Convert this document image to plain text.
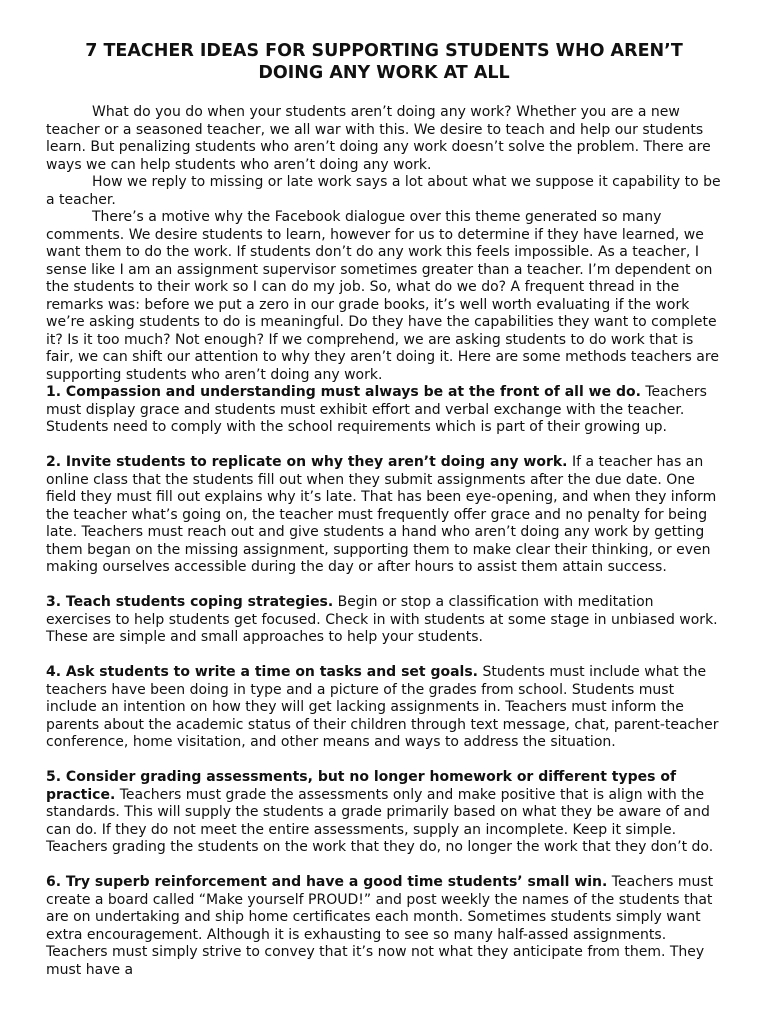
7 TEACHER IDEAS FOR SUPPORTING STUDENTS WHO AREN’T DOING ANY WORK AT ALL

What do you do when your students aren’t doing any work? Whether you are a new teacher or a seasoned teacher, we all war with this. We desire to teach and help our students learn. But penalizing students who aren’t doing any work doesn’t solve the problem. There are ways we can help students who aren’t doing any work.

How we reply to missing or late work says a lot about what we suppose it capability to be a teacher.

There’s a motive why the Facebook dialogue over this theme generated so many comments. We desire students to learn, however for us to determine if they have learned, we want them to do the work. If students don’t do any work this feels impossible. As a teacher, I sense like I am an assignment supervisor sometimes greater than a teacher. I’m dependent on the students to their work so I can do my job. So, what do we do? A frequent thread in the remarks was: before we put a zero in our grade books, it’s well worth evaluating if the work we’re asking students to do is meaningful. Do they have the capabilities they want to complete it? Is it too much? Not enough? If we comprehend, we are asking students to do work that is fair, we can shift our attention to why they aren’t doing it. Here are some methods teachers are supporting students who aren’t doing any work.

1. Compassion and understanding must always be at the front of all we do. Teachers must display grace and students must exhibit effort and verbal exchange with the teacher. Students need to comply with the school requirements which is part of their growing up.

2. Invite students to replicate on why they aren’t doing any work. If a teacher has an online class that the students fill out when they submit assignments after the due date. One field they must fill out explains why it’s late. That has been eye-opening, and when they inform the teacher what’s going on, the teacher must frequently offer grace and no penalty for being late. Teachers must reach out and give students a hand who aren’t doing any work by getting them began on the missing assignment, supporting them to make clear their thinking, or even making ourselves accessible during the day or after hours to assist them attain success.

3. Teach students coping strategies. Begin or stop a classification with meditation exercises to help students get focused. Check in with students at some stage in unbiased work. These are simple and small approaches to help your students.

4. Ask students to write a time on tasks and set goals. Students must include what the teachers have been doing in type and a picture of the grades from school. Students must include an intention on how they will get lacking assignments in. Teachers must inform the parents about the academic status of their children through text message, chat, parent-teacher conference, home visitation, and other means and ways to address the situation.

5. Consider grading assessments, but no longer homework or different types of practice. Teachers must grade the assessments only and make positive that is align with the standards. This will supply the students a grade primarily based on what they be aware of and can do. If they do not meet the entire assessments, supply an incomplete. Keep it simple. Teachers grading the students on the work that they do, no longer the work that they don’t do.

6. Try superb reinforcement and have a good time students’ small win. Teachers must create a board called “Make yourself PROUD!” and post weekly the names of the students that are on undertaking and ship home certificates each month. Sometimes students simply want extra encouragement. Although it is exhausting to see so many half-assed assignments. Teachers must simply strive to convey that it’s now not what they anticipate from them. They must have a
